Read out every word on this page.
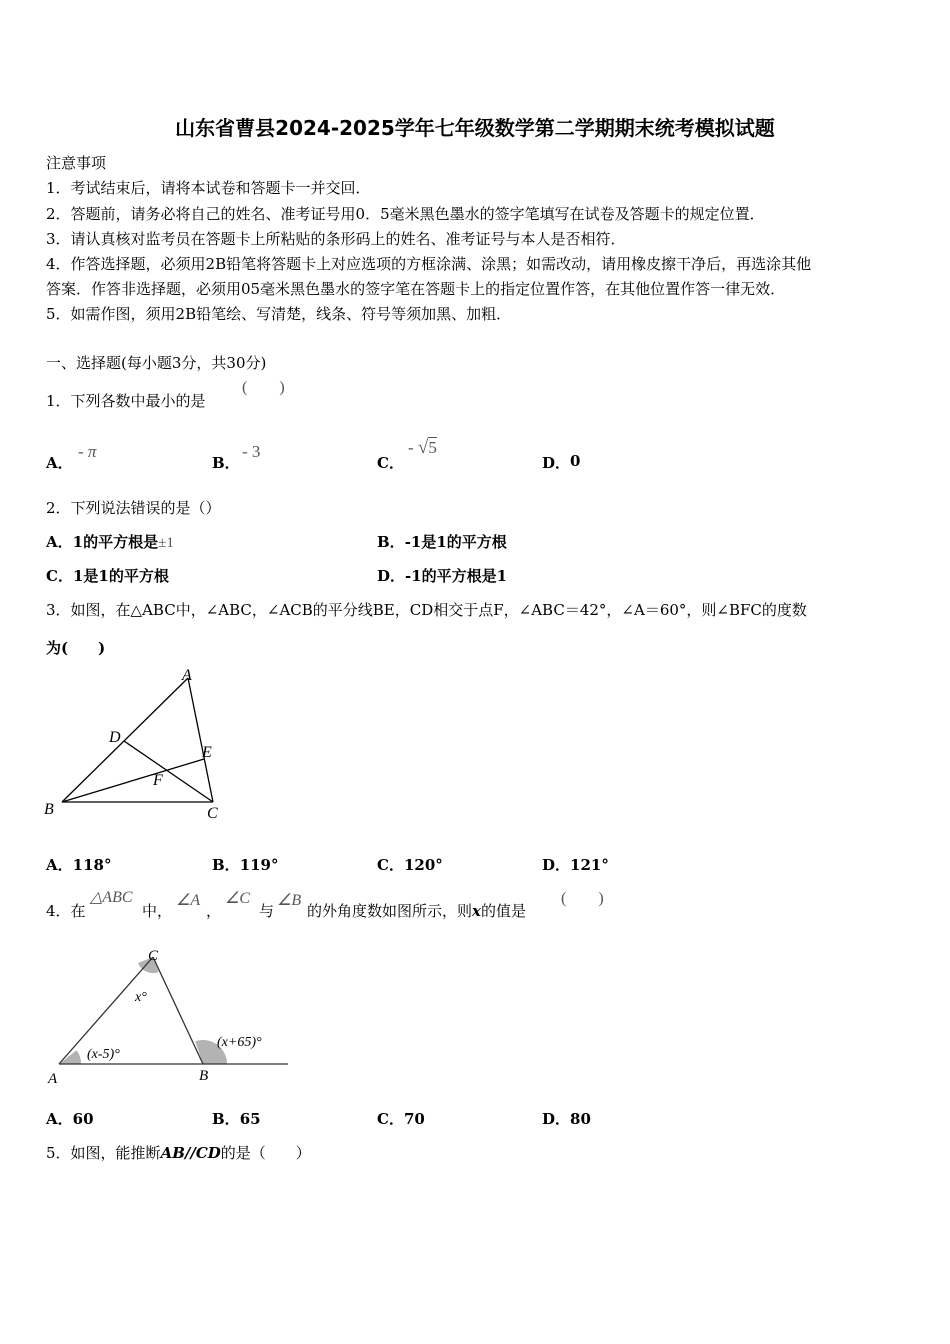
山东省曹县2024-2025学年七年级数学第二学期期末统考模拟试题
注意事项
1．考试结束后，请将本试卷和答题卡一并交回．
2．答题前，请务必将自己的姓名、准考证号用0．5毫米黑色墨水的签字笔填写在试卷及答题卡的规定位置．
3．请认真核对监考员在答题卡上所粘贴的条形码上的姓名、准考证号与本人是否相符．
4．作答选择题，必须用2B铅笔将答题卡上对应选项的方框涂满、涂黑；如需改动，请用橡皮擦干净后，再选涂其他
答案．作答非选择题，必须用05毫米黑色墨水的签字笔在答题卡上的指定位置作答，在其他位置作答一律无效．
5．如需作图，须用2B铅笔绘、写清楚，线条、符号等须加黑、加粗．
一、选择题(每小题3分，共30分)
1．下列各数中最小的是
(　　)
A．
- π
B．
- 3
C．
- √5
D． 0
2．下列说法错误的是（）
A．1的平方根是±1	B．-1是1的平方根
C．1是1的平方根	D．-1的平方根是1
3．如图，在△ABC中，∠ABC，∠ACB的平分线BE，CD相交于点F，∠ABC＝42°，∠A＝60°，则∠BFC的度数
为(　　)
A
B	C
D
E
F
A．118°	B．119°	C．120°	D．121°
4．在
△ABC
中，
∠A
，
∠C
与
∠B
的外角度数如图所示，则x的值是
(　　)
C
A	B
x°
(x-5)°
(x+65)°
A．60	B．65	C．70	D．80
5．如图，能推断AB//CD的是（　　）
